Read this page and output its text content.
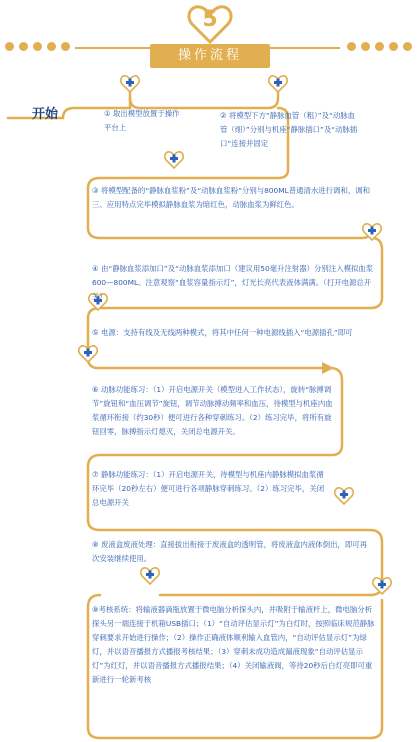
5
操作流程
开始	① 取出模型放置于操作平台上

② 将模型下方“静脉血管（粗）”及“动脉血管（细）”分别与机座“静脉插口”及“动脉插口”连接并固定

③ 将模型配备的“静脉血浆粉”及“动脉血浆粉”分别与800ML普通清水进行调和，调和三、应用特点完毕模拟静脉血浆为暗红色，动脉血浆为鲜红色。

④ 由“静脉血浆添加口”及“动脉血浆添加口（建议用50毫升注射器）分别注入模拟血浆600—800ML。注意观察“血浆容量指示灯”，灯光长亮代表液体满满。（打开电源总开关）

⑤ 电源：支持有线及无线两种模式，将其中任何一种电源线插入“电源插孔”即可

⑥ 动脉功能练习：（1）开启电源开关（模型进入工作状态），旋转“脉搏调节”旋钮和“血压调节”旋钮，调节动脉搏动频率和血压，待模型与机座内血浆循环衔接（约30秒）便可进行各种穿刺练习。（2）练习完毕，将所有旋钮回零，脉搏指示灯熄灭，关闭总电源开关。

⑦ 静脉功能练习：（1）开启电源开关，待模型与机座内静脉模拟血浆循环完毕（20秒左右）便可进行各项静脉穿刺练习。（2）练习完毕，关闭总电源开关

⑧ 废液盒废液处理：直接拔出衔接于废液盒的透明管，将废液盒内液体倒出，即可再次安装继续使用。

⑨考核系统：将输液器滴瓶放置于微电脑分析探头内，并吸附于输液杆上，微电脑分析探头另一端连接于机箱USB插口；（1）“自动评估显示灯”为白灯时，按照临床规范静脉穿刺要求开始进行操作；（2）操作正确液体顺利输入血管内，“自动评估显示灯”为绿灯，并以语音播报方式播报考核结果；（3）穿刺未成功造成漏液现象“自动评估显示灯”为红灯，并以语音播报方式播报结果；（4）关闭输液阀，等待20秒后白灯亮即可重新进行一轮新考核
